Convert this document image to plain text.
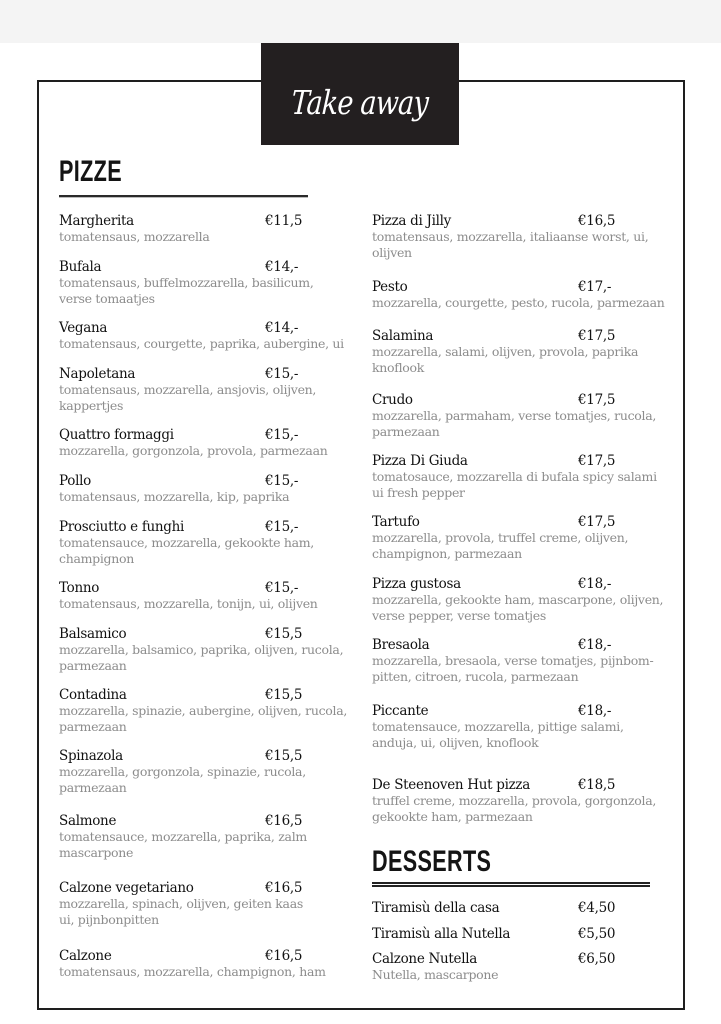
Take away
PIZZE
Margherita	€11,5
tomatensaus, mozzarella
Bufala	€14,-
tomatensaus, buffelmozzarella, basilicum,
verse tomaatjes
Vegana	€14,-
tomatensaus, courgette, paprika, aubergine, ui
Napoletana	€15,-
tomatensaus, mozzarella, ansjovis, olijven,
kappertjes
Quattro formaggi	€15,-
mozzarella, gorgonzola, provola, parmezaan
Pollo	€15,-
tomatensaus, mozzarella, kip, paprika
Prosciutto e funghi	€15,-
tomatensauce, mozzarella, gekookte ham,
champignon
Tonno	€15,-
tomatensaus, mozzarella, tonijn, ui, olijven
Balsamico	€15,5
mozzarella, balsamico, paprika, olijven, rucola,
parmezaan
Contadina	€15,5
mozzarella, spinazie, aubergine, olijven, rucola,
parmezaan
Spinazola	€15,5
mozzarella, gorgonzola, spinazie, rucola,
parmezaan
Salmone	€16,5
tomatensauce, mozzarella, paprika, zalm
mascarpone
Calzone vegetariano	€16,5
mozzarella, spinach, olijven, geiten kaas
ui, pijnbonpitten
Calzone	€16,5
tomatensaus, mozzarella, champignon, ham
Pizza di Jilly	€16,5
tomatensaus, mozzarella, italiaanse worst, ui,
olijven
Pesto	€17,-
mozzarella, courgette, pesto, rucola, parmezaan
Salamina	€17,5
mozzarella, salami, olijven, provola, paprika
knoflook
Crudo	€17,5
mozzarella, parmaham, verse tomatjes, rucola,
parmezaan
Pizza Di Giuda	€17,5
tomatosauce, mozzarella di bufala spicy salami
ui fresh pepper
Tartufo	€17,5
mozzarella, provola, truffel creme, olijven,
champignon, parmezaan
Pizza gustosa	€18,-
mozzarella, gekookte ham, mascarpone, olijven,
verse pepper, verse tomatjes
Bresaola	€18,-
mozzarella, bresaola, verse tomatjes, pijnbom-
pitten, citroen, rucola, parmezaan
Piccante	€18,-
tomatensauce, mozzarella, pittige salami,
anduja, ui, olijven, knoflook
De Steenoven Hut pizza	€18,5
truffel creme, mozzarella, provola, gorgonzola,
gekookte ham, parmezaan
DESSERTS
Tiramisù della casa	€4,50
Tiramisù alla Nutella	€5,50
Calzone Nutella	€6,50
Nutella, mascarpone
